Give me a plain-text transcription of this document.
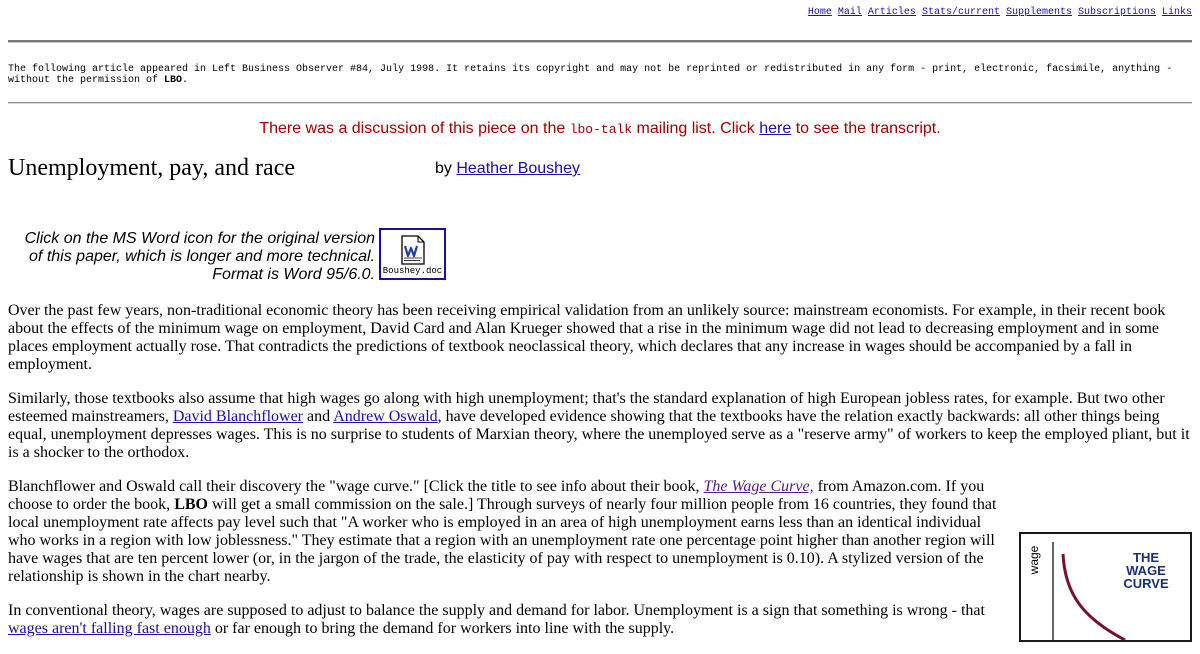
Home Mail Articles Stats/current Supplements Subscriptions Links
The following article appeared in Left Business Observer #84, July 1998. It retains its copyright and may not be reprinted or redistributed in any form - print, electronic, facsimile, anything - without the permission of LBO.
There was a discussion of this piece on the lbo-talk mailing list. Click here to see the transcript.
Unemployment, pay, and race	by Heather Boushey
Click on the MS Word icon for the original version
of this paper, which is longer and more technical.
Format is Word 95/6.0. Boushey.doc

Over the past few years, non-traditional economic theory has been receiving empirical validation from an unlikely source: mainstream economists. For example, in their recent book about the effects of the minimum wage on employment, David Card and Alan Krueger showed that a rise in the minimum wage did not lead to decreasing employment and in some places employment actually rose. That contradicts the predictions of textbook neoclassical theory, which declares that any increase in wages should be accompanied by a fall in employment.

Similarly, those textbooks also assume that high wages go along with high unemployment; that's the standard explanation of high European jobless rates, for example. But two other esteemed mainstreamers, David Blanchflower and Andrew Oswald, have developed evidence showing that the textbooks have the relation exactly backwards: all other things being equal, unemployment depresses wages. This is no surprise to students of Marxian theory, where the unemployed serve as a "reserve army" of workers to keep the employed pliant, but it is a shocker to the orthodox.

Blanchflower and Oswald call their discovery the "wage curve." [Click the title to see info about their book, The Wage Curve, from Amazon.com. If you choose to order the book, LBO will get a small commission on the sale.] Through surveys of nearly four million people from 16 countries, they found that local unemployment rate affects pay level such that "A worker who is employed in an area of high unemployment earns less than an identical individual who works in a region with low joblessness." They estimate that a region with an unemployment rate one percentage point higher than another region will have wages that are ten percent lower (or, in the jargon of the trade, the elasticity of pay with respect to unemployment is 0.10). A stylized version of the relationship is shown in the chart nearby.

In conventional theory, wages are supposed to adjust to balance the supply and demand for labor. Unemployment is a sign that something is wrong - that wages aren't falling fast enough or far enough to bring the demand for workers into line with the supply.

wage	THE
WAGE
CURVE
